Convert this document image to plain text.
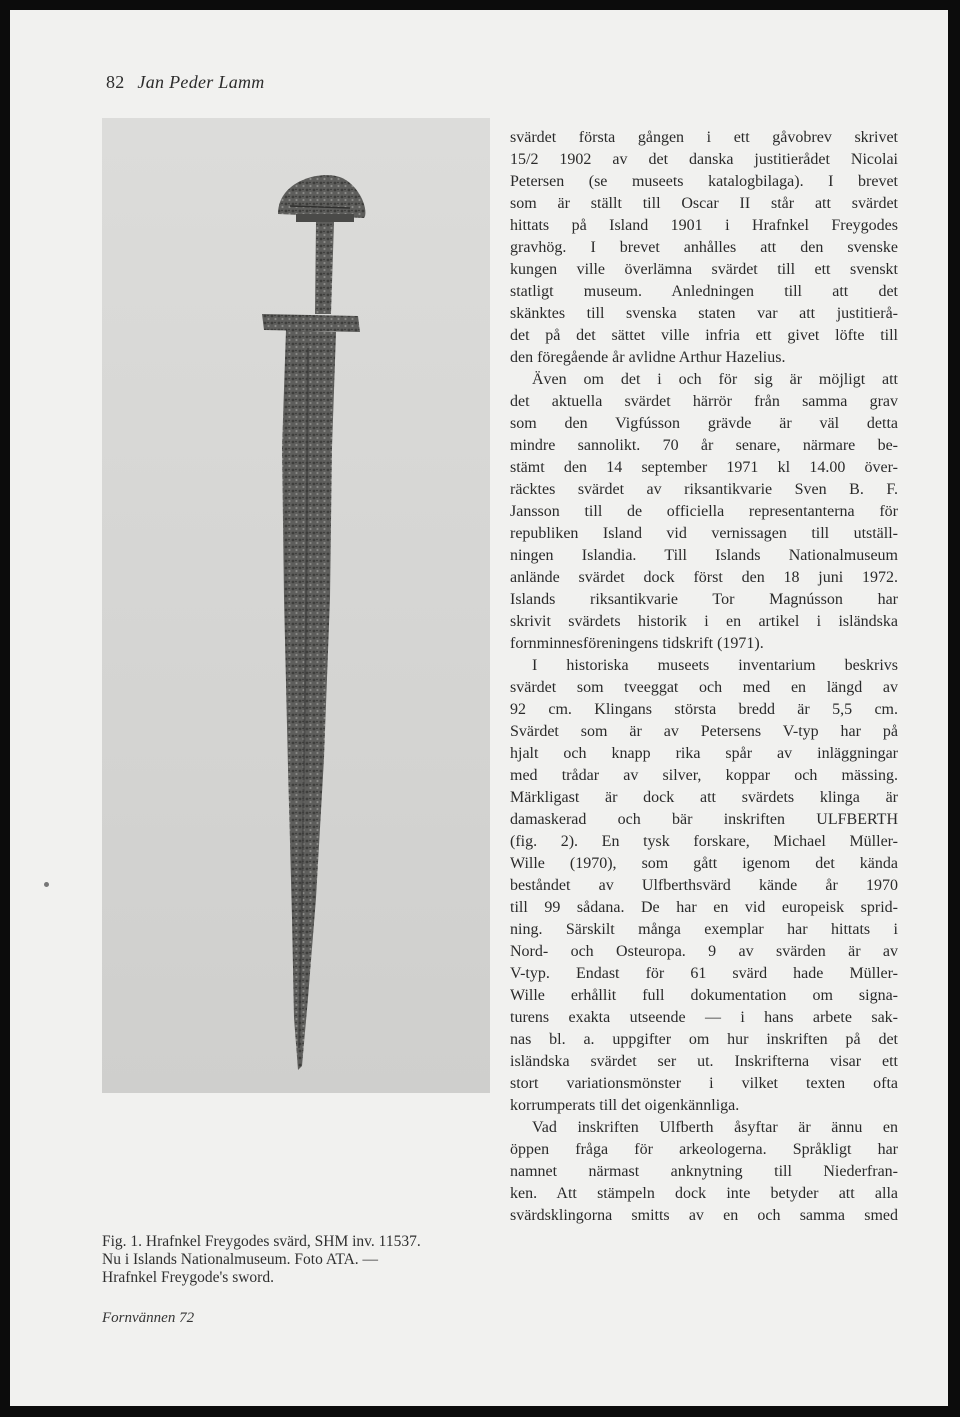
82 Jan Peder Lamm
Fig. 1. Hrafnkel Freygodes svärd, SHM inv. 11537.
Nu i Islands Nationalmuseum. Foto ATA. —
Hrafnkel Freygode's sword.
svärdet första gången i ett gåvobrev skrivet
15/2 1902 av det danska justitierådet Nicolai
Petersen (se museets katalogbilaga). I brevet
som är ställt till Oscar II står att svärdet
hittats på Island 1901 i Hrafnkel Freygodes
gravhög. I brevet anhålles att den svenske
kungen ville överlämna svärdet till ett svenskt
statligt museum. Anledningen till att det
skänktes till svenska staten var att justitierå-
det på det sättet ville infria ett givet löfte till
den föregående år avlidne Arthur Hazelius.
Även om det i och för sig är möjligt att
det aktuella svärdet härrör från samma grav
som den Vigfússon grävde är väl detta
mindre sannolikt. 70 år senare, närmare be-
stämt den 14 september 1971 kl 14.00 över-
räcktes svärdet av riksantikvarie Sven B. F.
Jansson till de officiella representanterna för
republiken Island vid vernissagen till utställ-
ningen Islandia. Till Islands Nationalmuseum
anlände svärdet dock först den 18 juni 1972.
Islands riksantikvarie Tor Magnússon har
skrivit svärdets historik i en artikel i isländska
fornminnesföreningens tidskrift (1971).
I historiska museets inventarium beskrivs
svärdet som tveeggat och med en längd av
92 cm. Klingans största bredd är 5,5 cm.
Svärdet som är av Petersens V-typ har på
hjalt och knapp rika spår av inläggningar
med trådar av silver, koppar och mässing.
Märkligast är dock att svärdets klinga är
damaskerad och bär inskriften ULFBERTH
(fig. 2). En tysk forskare, Michael Müller-
Wille (1970), som gått igenom det kända
beståndet av Ulfberthsvärd kände år 1970
till 99 sådana. De har en vid europeisk sprid-
ning. Särskilt många exemplar har hittats i
Nord- och Osteuropa. 9 av svärden är av
V-typ. Endast för 61 svärd hade Müller-
Wille erhållit full dokumentation om signa-
turens exakta utseende — i hans arbete sak-
nas bl. a. uppgifter om hur inskriften på det
isländska svärdet ser ut. Inskrifterna visar ett
stort variationsmönster i vilket texten ofta
korrumperats till det oigenkännliga.
Vad inskriften Ulfberth åsyftar är ännu en
öppen fråga för arkeologerna. Språkligt har
namnet närmast anknytning till Niederfran-
ken. Att stämpeln dock inte betyder att alla
svärdsklingorna smitts av en och samma smed
Fornvännen 72
